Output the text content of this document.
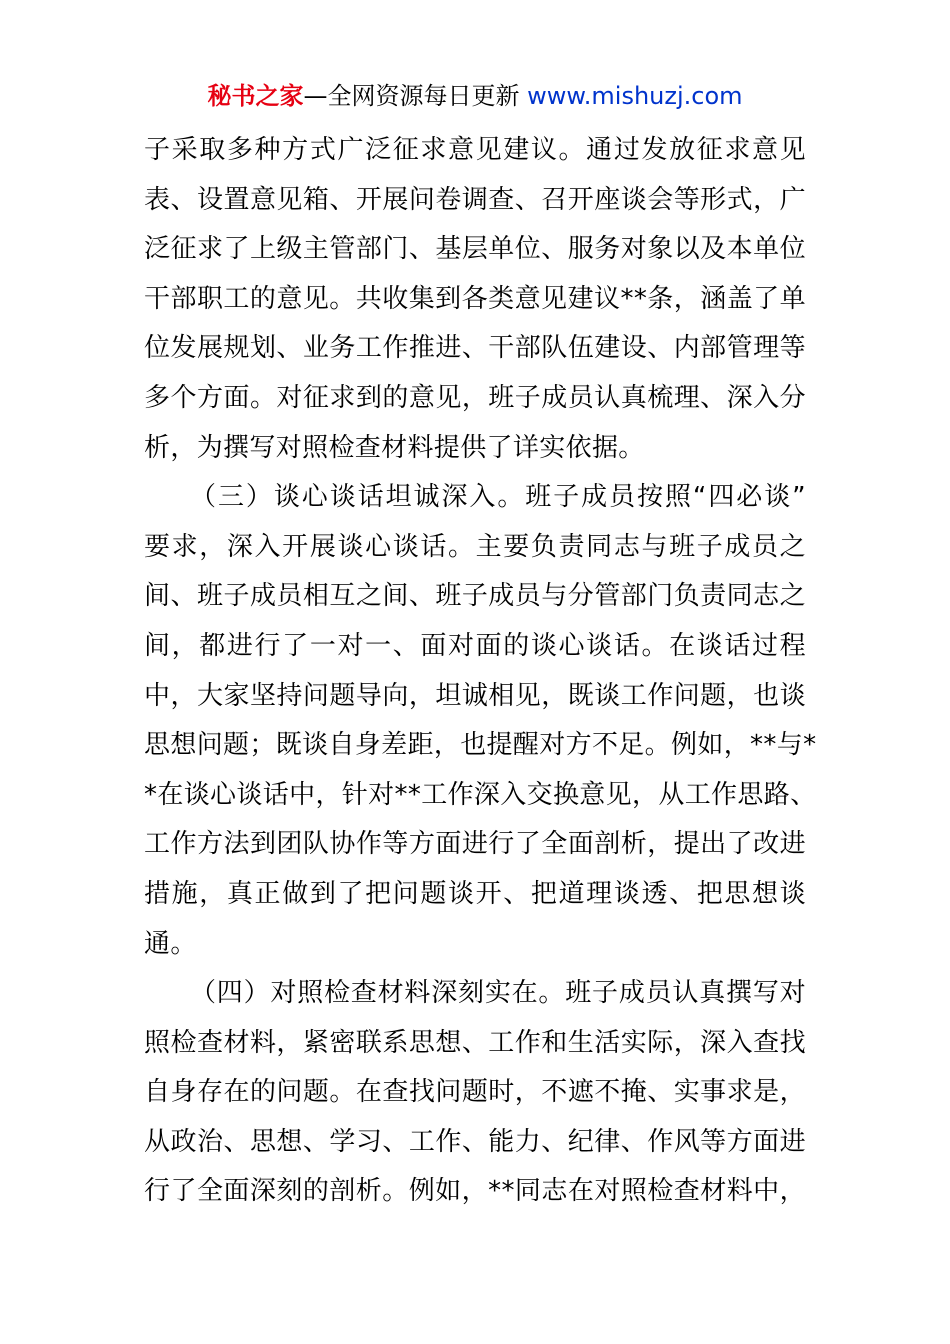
秘书之家—全网资源每日更新 www.mishuzj.com
子采取多种方式广泛征求意见建议。通过发放征求意见
表、设置意见箱、开展问卷调查、召开座谈会等形式，广
泛征求了上级主管部门、基层单位、服务对象以及本单位
干部职工的意见。共收集到各类意见建议**条，涵盖了单
位发展规划、业务工作推进、干部队伍建设、内部管理等
多个方面。对征求到的意见，班子成员认真梳理、深入分
析，为撰写对照检查材料提供了详实依据。
（三）谈心谈话坦诚深入。班子成员按照“四必谈”
要求，深入开展谈心谈话。主要负责同志与班子成员之
间、班子成员相互之间、班子成员与分管部门负责同志之
间，都进行了一对一、面对面的谈心谈话。在谈话过程
中，大家坚持问题导向，坦诚相见，既谈工作问题，也谈
思想问题；既谈自身差距，也提醒对方不足。例如，**与*
*在谈心谈话中，针对**工作深入交换意见，从工作思路、
工作方法到团队协作等方面进行了全面剖析，提出了改进
措施，真正做到了把问题谈开、把道理谈透、把思想谈
通。
（四）对照检查材料深刻实在。班子成员认真撰写对
照检查材料，紧密联系思想、工作和生活实际，深入查找
自身存在的问题。在查找问题时，不遮不掩、实事求是，
从政治、思想、学习、工作、能力、纪律、作风等方面进
行了全面深刻的剖析。例如，**同志在对照检查材料中，
